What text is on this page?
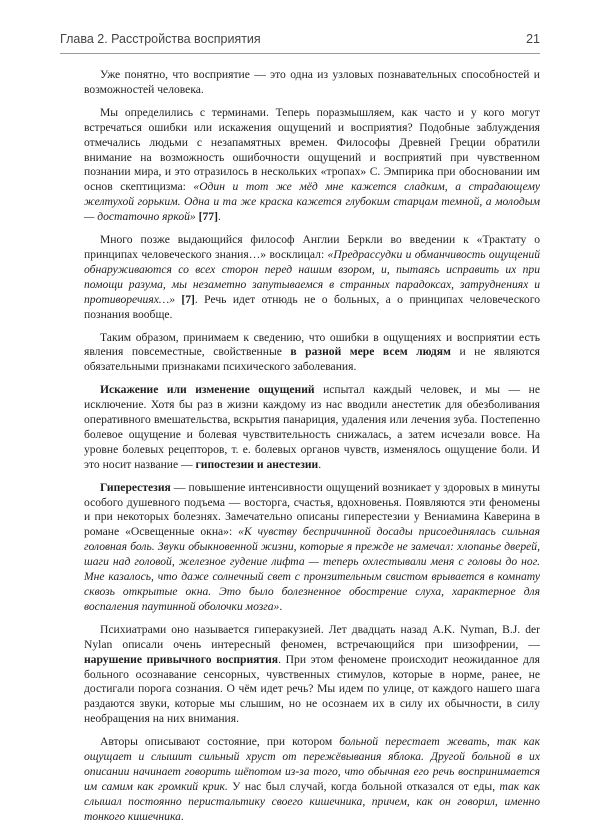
Глава 2. Расстройства восприятия	21

Уже понятно, что восприятие — это одна из узловых познавательных способностей и возможностей человека.

Мы определились с терминами. Теперь поразмышляем, как часто и у кого могут встречаться ошибки или искажения ощущений и восприятия? Подобные заблуждения отмечались людьми с незапамятных времен. Философы Древней Греции обратили внимание на возможность ошибочности ощущений и восприятий при чувственном познании мира, и это отразилось в нескольких «тропах» С. Эмпирика при обосновании им основ скептицизма: «Один и тот же мёд мне кажется сладким, а страдающему желтухой горьким. Одна и та же краска кажется глубоким старцам темной, а молодым — достаточно яркой» [77].

Много позже выдающийся философ Англии Беркли во введении к «Трактату о принципах человеческого знания…» восклицал: «Предрассудки и обманчивость ощущений обнаруживаются со всех сторон перед нашим взором, и, пытаясь исправить их при помощи разума, мы незаметно запутываемся в странных парадоксах, затруднениях и противоречиях…» [7]. Речь идет отнюдь не о больных, а о принципах человеческого познания вообще.

Таким образом, принимаем к сведению, что ошибки в ощущениях и восприятии есть явления повсеместные, свойственные в разной мере всем людям и не являются обязательными признаками психического заболевания.

Искажение или изменение ощущений испытал каждый человек, и мы — не исключение. Хотя бы раз в жизни каждому из нас вводили анестетик для обезболивания оперативного вмешательства, вскрытия панариция, удаления или лечения зуба. Постепенно болевое ощущение и болевая чувствительность снижалась, а затем исчезали вовсе. На уровне болевых рецепторов, т. е. болевых органов чувств, изменялось ощущение боли. И это носит название — гипостезии и анестезии.

Гиперестезия — повышение интенсивности ощущений возникает у здоровых в минуты особого душевного подъема — восторга, счастья, вдохновенья. Появляются эти феномены и при некоторых болезнях. Замечательно описаны гиперестезии у Вениамина Каверина в романе «Освещенные окна»: «К чувству беспричинной досады присоединялась сильная головная боль. Звуки обыкновенной жизни, которые я прежде не замечал: хлопанье дверей, шаги над головой, железное гудение лифта — теперь охлестывали меня с головы до ног. Мне казалось, что даже солнечный свет с пронзительным свистом врывается в комнату сквозь открытые окна. Это было болезненное обострение слуха, характерное для воспаления паутинной оболочки мозга».

Психиатрами оно называется гиперакузией. Лет двадцать назад A.K. Nyman, B.J. der Nylan описали очень интересный феномен, встречающийся при шизофрении, — нарушение привычного восприятия. При этом феномене происходит неожиданное для больного осознавание сенсорных, чувственных стимулов, которые в норме, ранее, не достигали порога сознания. О чём идет речь? Мы идем по улице, от каждого нашего шага раздаются звуки, которые мы слышим, но не осознаем их в силу их обычности, в силу необращения на них внимания.

Авторы описывают состояние, при котором больной перестает жевать, так как ощущает и слышит сильный хруст от пережёвывания яблока. Другой больной в их описании начинает говорить шёпотом из-за того, что обычная его речь воспринимается им самим как громкий крик. У нас был случай, когда больной отказался от еды, так как слышал постоянно перистальтику своего кишечника, причем, как он говорил, именно тонкого кишечника.
